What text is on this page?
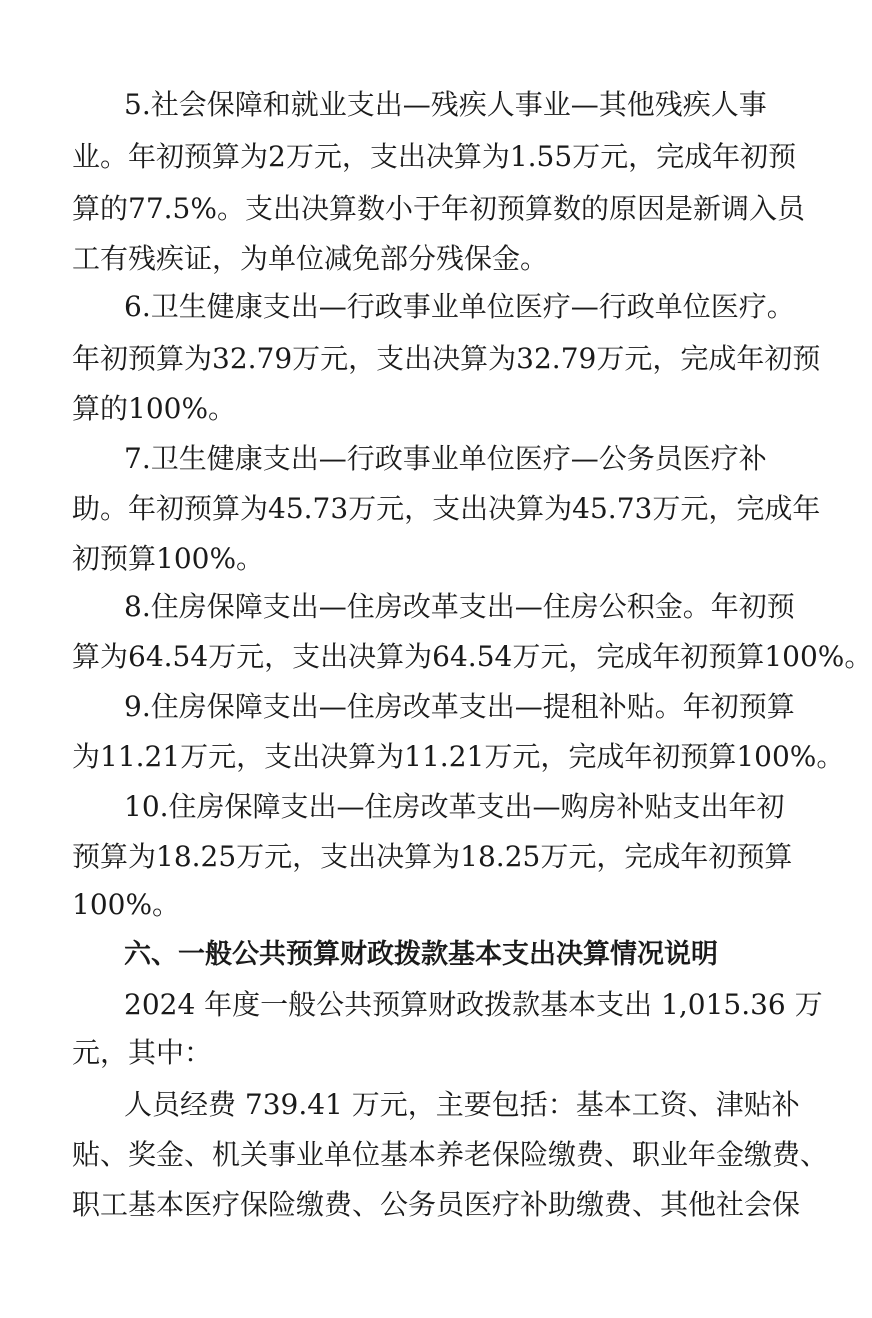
5.社会保障和就业支出—残疾人事业—其他残疾人事
业。年初预算为2万元，支出决算为1.55万元，完成年初预
算的77.5%。支出决算数小于年初预算数的原因是新调入员
工有残疾证，为单位减免部分残保金。
6.卫生健康支出—行政事业单位医疗—行政单位医疗。
年初预算为32.79万元，支出决算为32.79万元，完成年初预
算的100%。
7.卫生健康支出—行政事业单位医疗—公务员医疗补
助。年初预算为45.73万元，支出决算为45.73万元，完成年
初预算100%。
8.住房保障支出—住房改革支出—住房公积金。年初预
算为64.54万元，支出决算为64.54万元，完成年初预算100%。
9.住房保障支出—住房改革支出—提租补贴。年初预算
为11.21万元，支出决算为11.21万元，完成年初预算100%。
10.住房保障支出—住房改革支出—购房补贴支出年初
预算为18.25万元，支出决算为18.25万元，完成年初预算
100%。
六、一般公共预算财政拨款基本支出决算情况说明
2024 年度一般公共预算财政拨款基本支出 1,015.36 万
元，其中：
人员经费 739.41 万元，主要包括：基本工资、津贴补
贴、奖金、机关事业单位基本养老保险缴费、职业年金缴费、
职工基本医疗保险缴费、公务员医疗补助缴费、其他社会保
